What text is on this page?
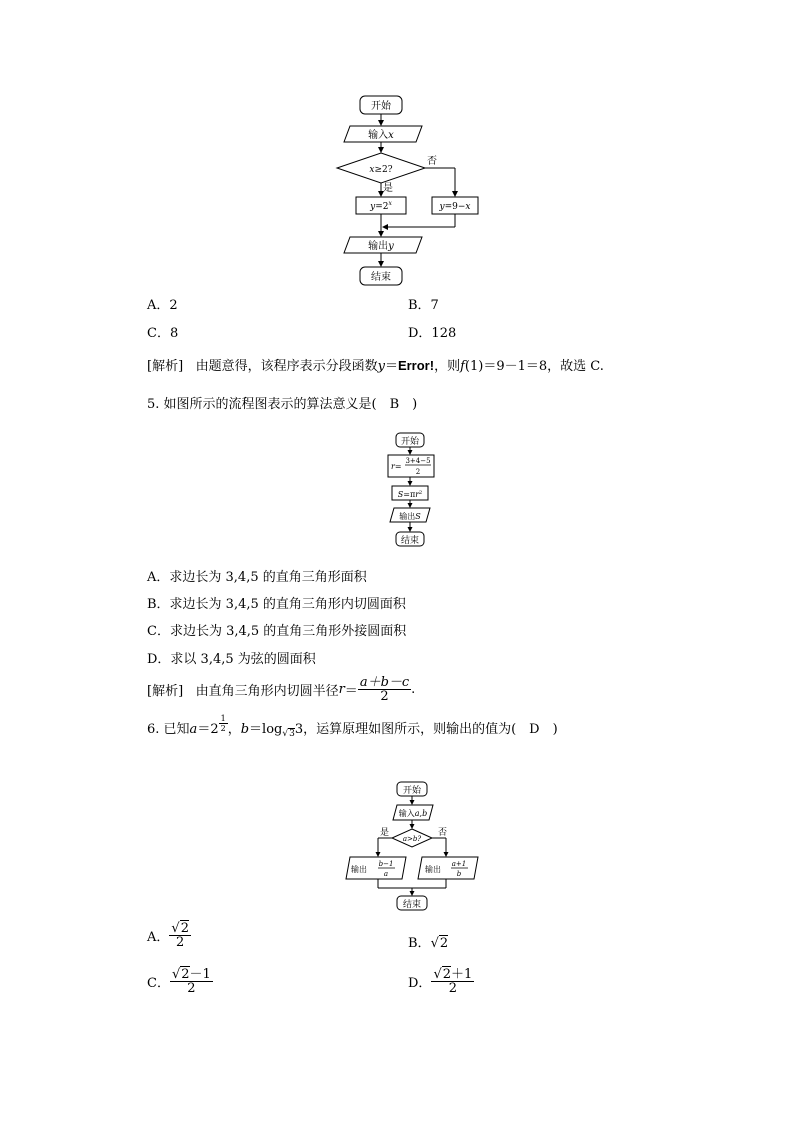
开始
输入x
x≥2?
否
是
$y=2^x$	y=9−x
输出y
结束
A．2	B．7
C．8	D．128
[解析] 由题意得，该程序表示分段函数y＝Error!，则f(1)＝9－1＝8，故选 C.
5. 如图所示的流程图表示的算法意义是(　B　)
开始
r=
3+4−5
2
$S=\pi r^2$
输出S
结束
A．求边长为 3,4,5 的直角三角形面积
B．求边长为 3,4,5 的直角三角形内切圆面积
C．求边长为 3,4,5 的直角三角形外接圆面积
D．求以 3,4,5 为弦的圆面积
[解析] 由直角三角形内切圆半径$r= \frac{a+b-c}{2}$ .
6. 已知$a=2 \frac{1}{2}$ ，$b=\log_{√3}3$，运算原理如图所示，则输出的值为(　D　)
开始
输入a,b
a>b?
是	否
输出
b−1
a	输出
a+1
b
结束
A． $\frac{√2}{2}$	B．√2
C． $\frac{√2-1}{2}$	D． $\frac{√2+1}{2}$
